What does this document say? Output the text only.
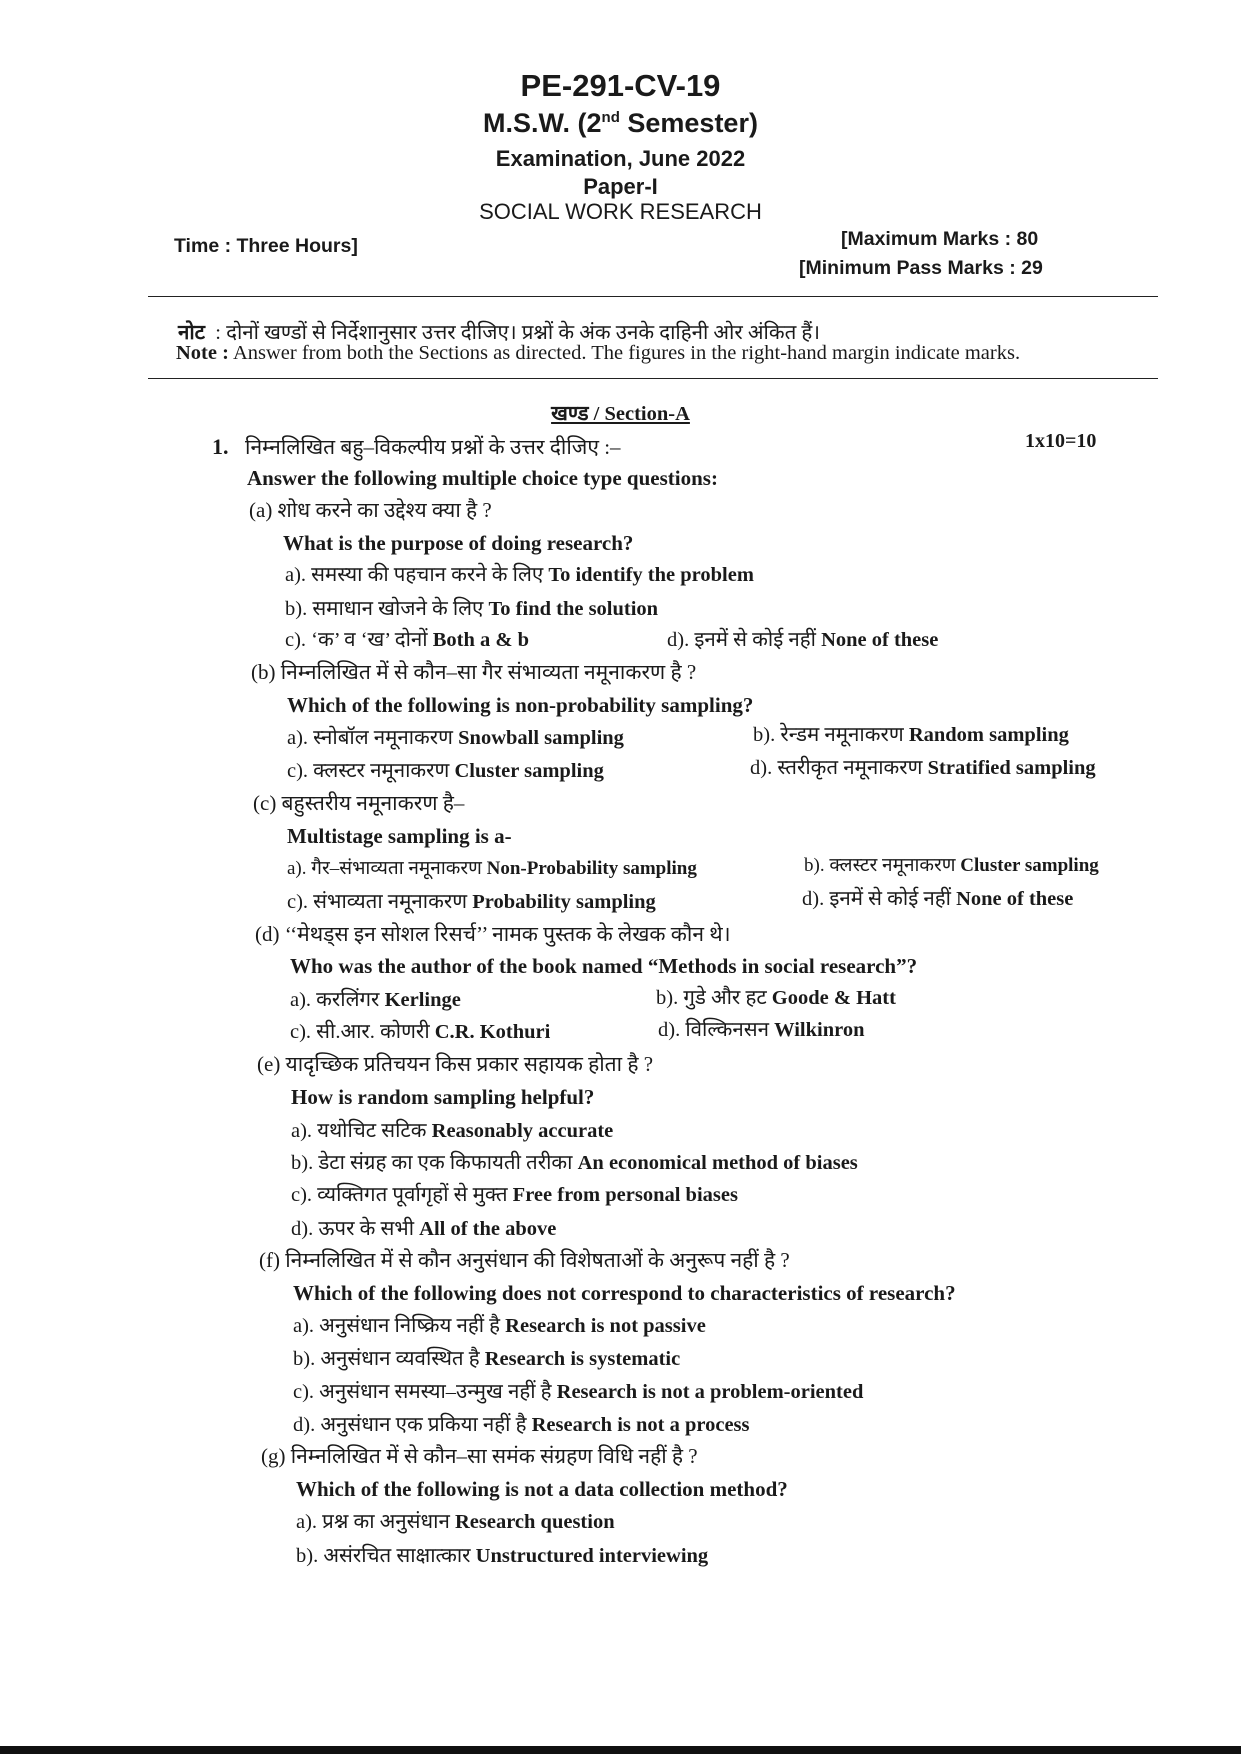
PE-291-CV-19
M.S.W. (2nd Semester)
Examination, June 2022
Paper-I
SOCIAL WORK RESEARCH
Time : Three Hours]	[Maximum Marks : 80
[Minimum Pass Marks : 29
नोट : दोनों खण्डों से निर्देशानुसार उत्तर दीजिए। प्रश्नों के अंक उनके दाहिनी ओर अंकित हैं।
Note : Answer from both the Sections as directed. The figures in the right-hand margin indicate marks.
खण्ड / Section-A
1. निम्नलिखित बहु–विकल्पीय प्रश्नों के उत्तर दीजिए :–	1x10=10
Answer the following multiple choice type questions:
(a) शोध करने का उद्देश्य क्या है ?
What is the purpose of doing research?
a). समस्या की पहचान करने के लिए To identify the problem
b). समाधान खोजने के लिए To find the solution
c). ‘क’ व ‘ख’ दोनों Both a & b	d). इनमें से कोई नहीं None of these
(b) निम्नलिखित में से कौन–सा गैर संभाव्यता नमूनाकरण है ?
Which of the following is non-probability sampling?
a). स्नोबॉल नमूनाकरण Snowball sampling	b). रेन्डम नमूनाकरण Random sampling
c). क्लस्टर नमूनाकरण Cluster sampling	d). स्तरीकृत नमूनाकरण Stratified sampling
(c) बहुस्तरीय नमूनाकरण है–
Multistage sampling is a-
a). गैर–संभाव्यता नमूनाकरण Non-Probability sampling	b). क्लस्टर नमूनाकरण Cluster sampling
c). संभाव्यता नमूनाकरण Probability sampling	d). इनमें से कोई नहीं None of these
(d) ‘‘मेथड्स इन सोशल रिसर्च’’ नामक पुस्तक के लेखक कौन थे।
Who was the author of the book named “Methods in social research”?
a). करलिंगर Kerlinge	b). गुडे और हट Goode & Hatt
c). सी.आर. कोणरी C.R. Kothuri	d). विल्किनसन Wilkinron
(e) यादृच्छिक प्रतिचयन किस प्रकार सहायक होता है ?
How is random sampling helpful?
a). यथोचिट सटिक Reasonably accurate
b). डेटा संग्रह का एक किफायती तरीका An economical method of biases
c). व्यक्तिगत पूर्वागृहों से मुक्त Free from personal biases
d). ऊपर के सभी All of the above
(f) निम्नलिखित में से कौन अनुसंधान की विशेषताओं के अनुरूप नहीं है ?
Which of the following does not correspond to characteristics of research?
a). अनुसंधान निष्क्रिय नहीं है Research is not passive
b). अनुसंधान व्यवस्थित है Research is systematic
c). अनुसंधान समस्या–उन्मुख नहीं है Research is not a problem-oriented
d). अनुसंधान एक प्रकिया नहीं है Research is not a process
(g) निम्नलिखित में से कौन–सा समंक संग्रहण विधि नहीं है ?
Which of the following is not a data collection method?
a). प्रश्न का अनुसंधान Research question
b). असंरचित साक्षात्कार Unstructured interviewing
